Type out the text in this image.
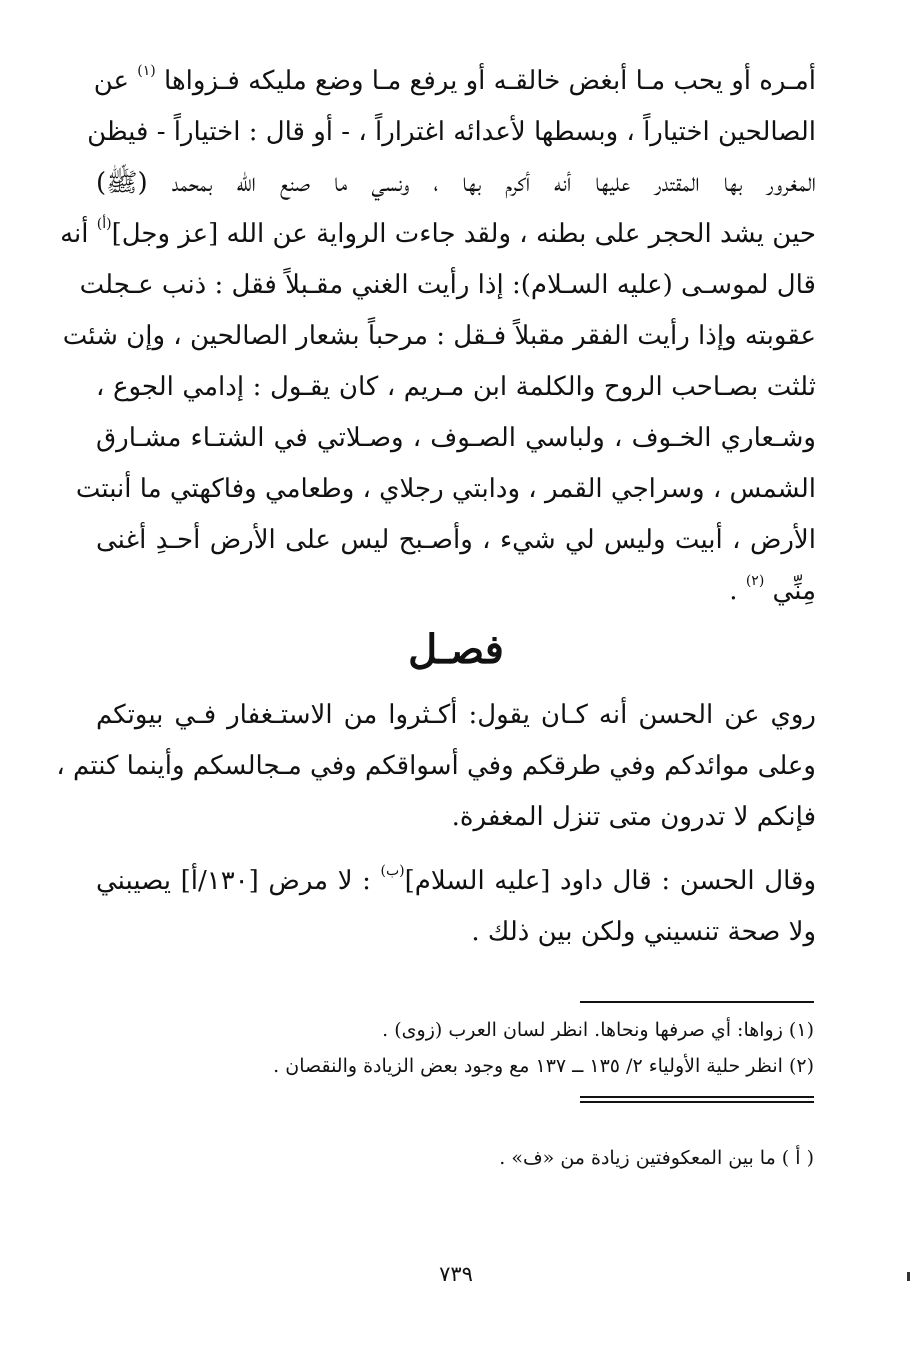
أمـره أو يحب مـا أبغض خالقـه أو يرفع مـا وضع مليكه فـزواها $^{(١)}$ عن
الصالحين اختياراً ، وبسطها لأعدائه اغتراراً ، - أو قال : اختياراً - فيظن
المغرور بها المقتدر عليها أنه أكرم بها ، ونسي ما صنع الله بمحمد (ﷺ)
حين يشد الحجر على بطنه ، ولقد جاءت الرواية عن الله [عز وجل]$^{(أ)}$ أنه
قال لموسـى (عليه السـلام): إذا رأيت الغني مقـبلاً فقل : ذنب عـجلت
عقوبته وإذا رأيت الفقر مقبلاً فـقل : مرحباً بشعار الصالحين ، وإن شئت
ثلثت بصـاحب الروح والكلمة ابن مـريم ، كان يقـول : إدامي الجوع ،
وشـعاري الخـوف ، ولباسي الصـوف ، وصـلاتي في الشتـاء مشـارق
الشمس ، وسراجي القمر ، ودابتي رجلاي ، وطعامي وفاكهتي ما أنبتت
الأرض ، أبيت وليس لي شيء ، وأصـبح ليس على الأرض أحـدِ أغنى
مِنِّي $^{(٢)}$ .
فصـل
روي عن الحسن أنه كـان يقول: أكـثروا من الاستـغفار فـي بيوتكم
وعلى موائدكم وفي طرقكم وفي أسواقكم وفي مـجالسكم وأينما كنتم ،
فإنكم لا تدرون متى تنزل المغفرة.
وقال الحسن : قال داود [عليه السلام]$^{(ب)}$ : لا مرض [١٣٠/أ] يصيبني
ولا صحة تنسيني ولكن بين ذلك .
(١) زواها: أي صرفها ونحاها. انظر لسان العرب (زوى) .
(٢) انظر حلية الأولياء ٢/ ١٣٥ ــ ١٣٧ مع وجود بعض الزيادة والنقصان .
( أ ) ما بين المعكوفتين زيادة من «ف» .
٧٣٩
